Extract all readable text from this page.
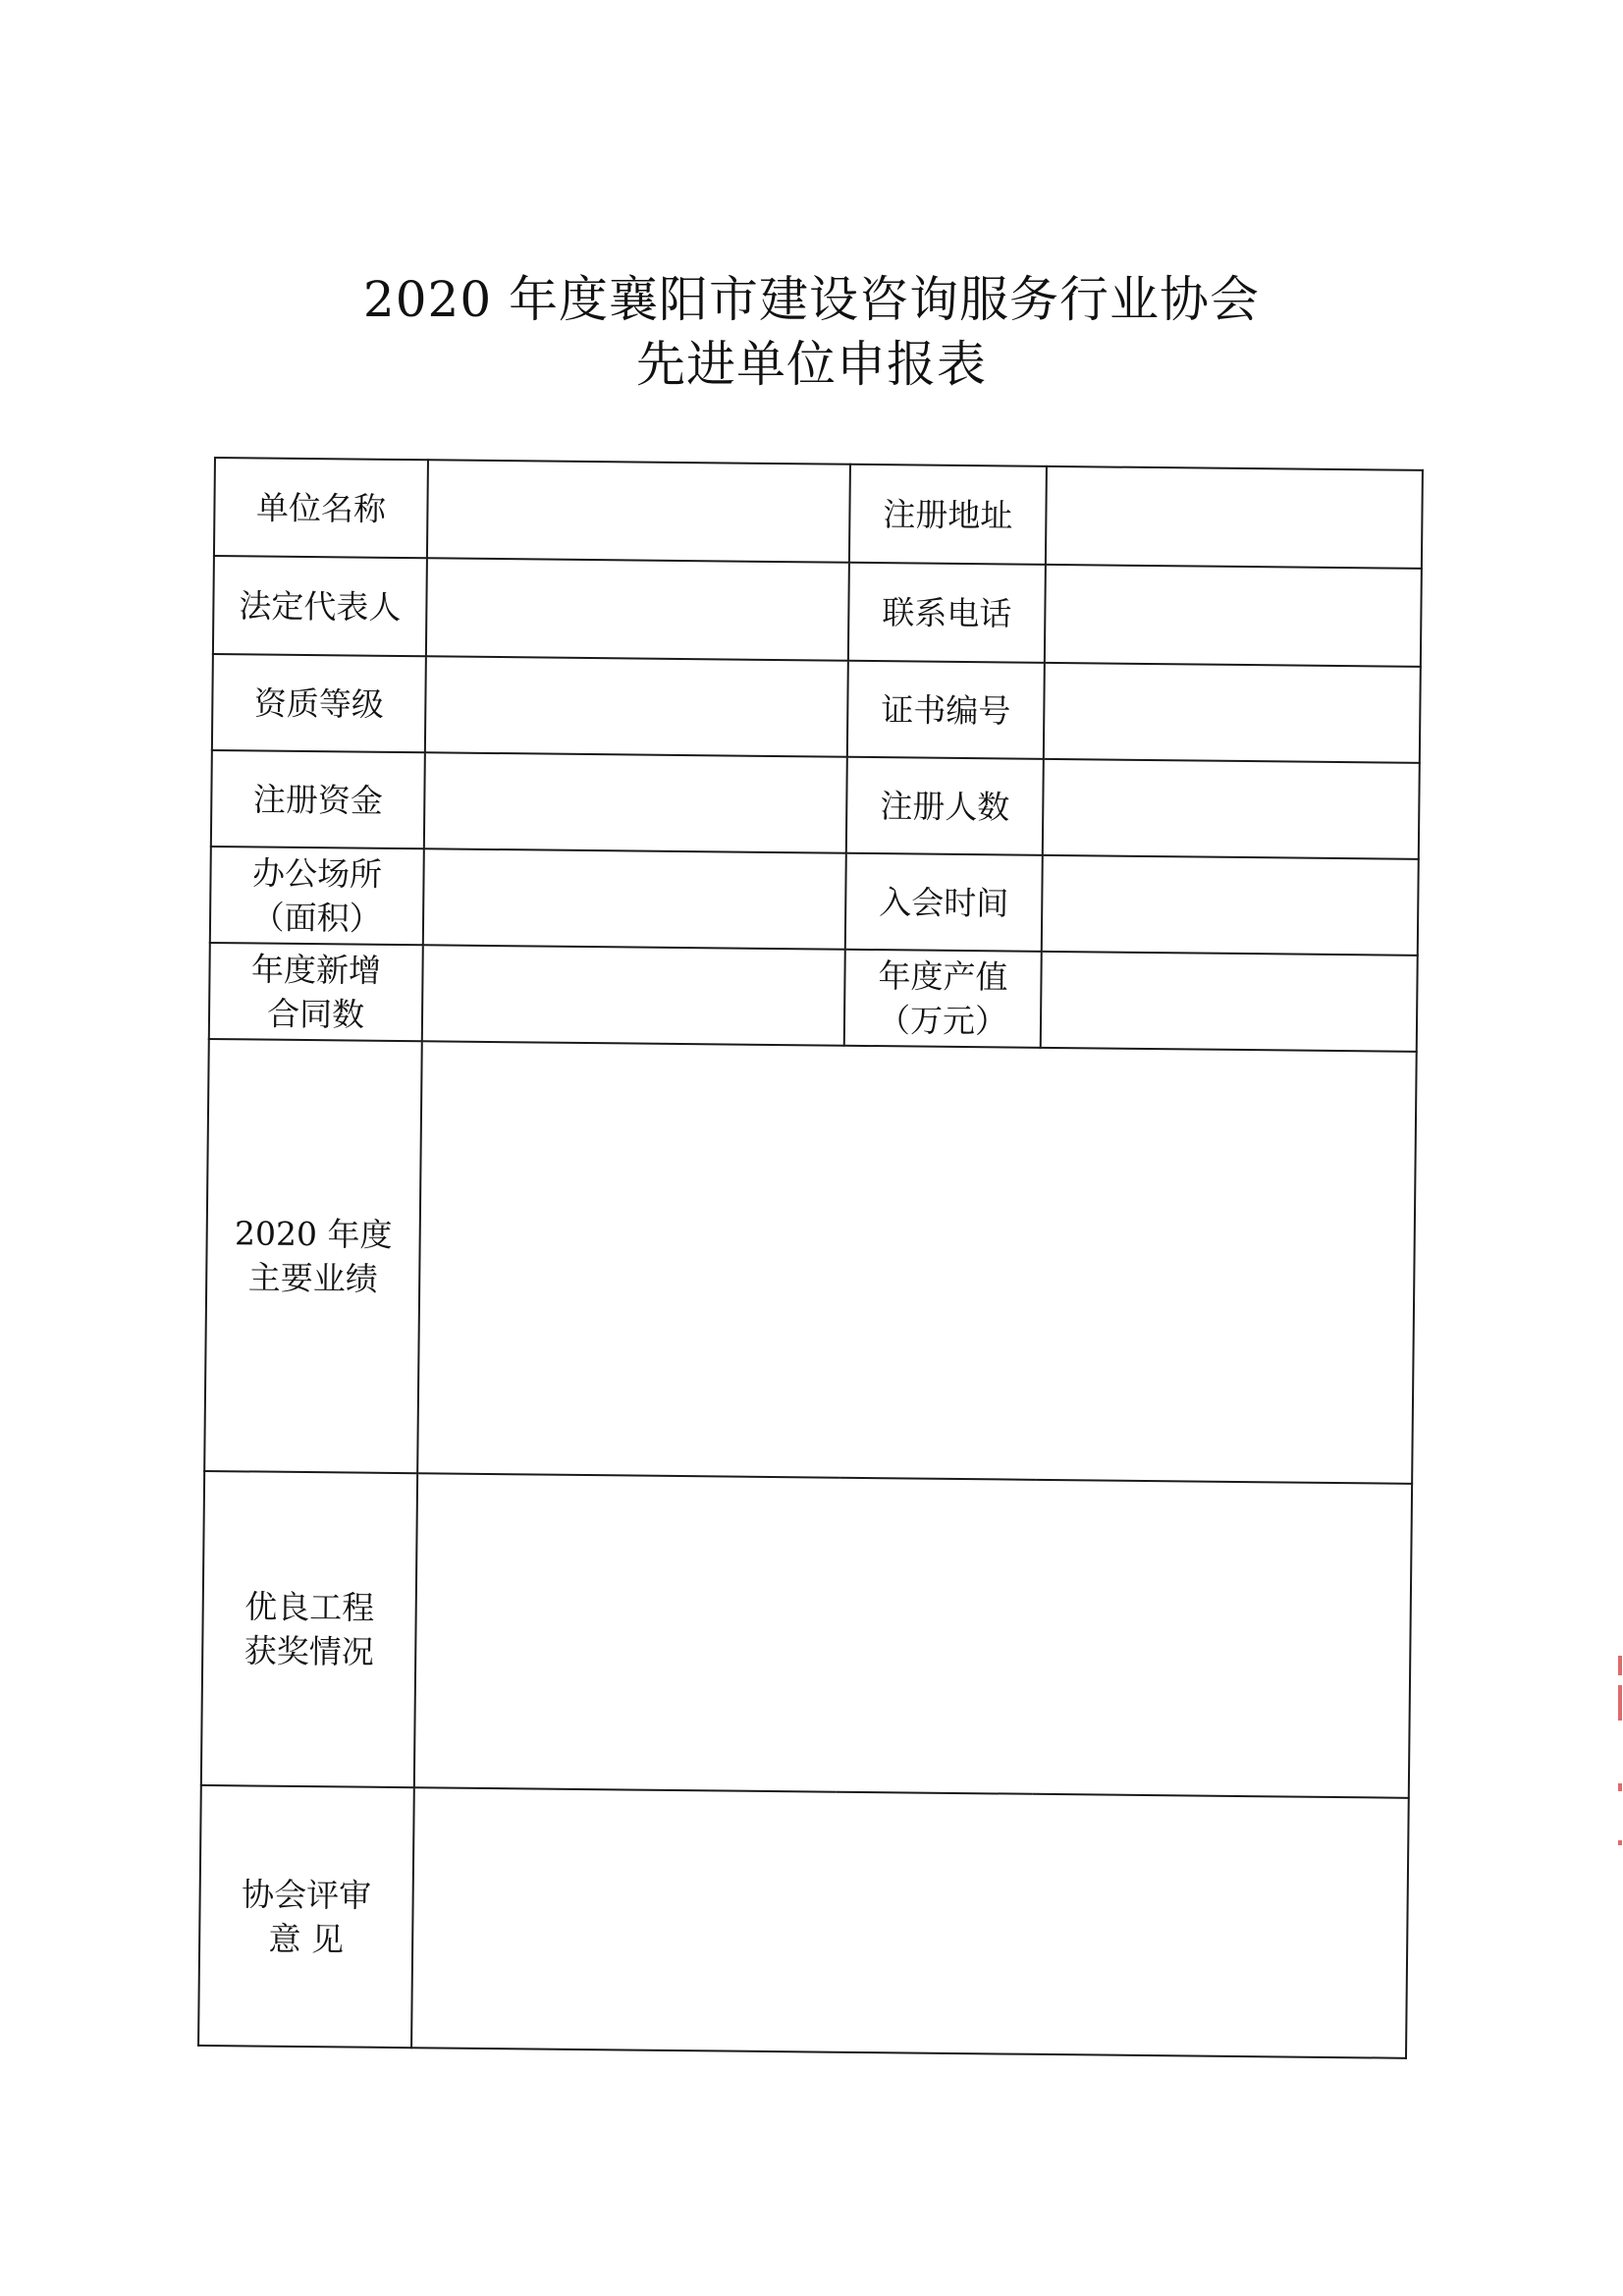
2020 年度襄阳市建设咨询服务行业协会
先进单位申报表
单位名称		注册地址	

法定代表人		联系电话	

资质等级		证书编号	

注册资金		注册人数	

办公场所
（面积）		入会时间	

年度新增
合同数		年度产值
（万元）	

2020 年度
主要业绩			

优良工程
获奖情况			

协会评审
意 见			
